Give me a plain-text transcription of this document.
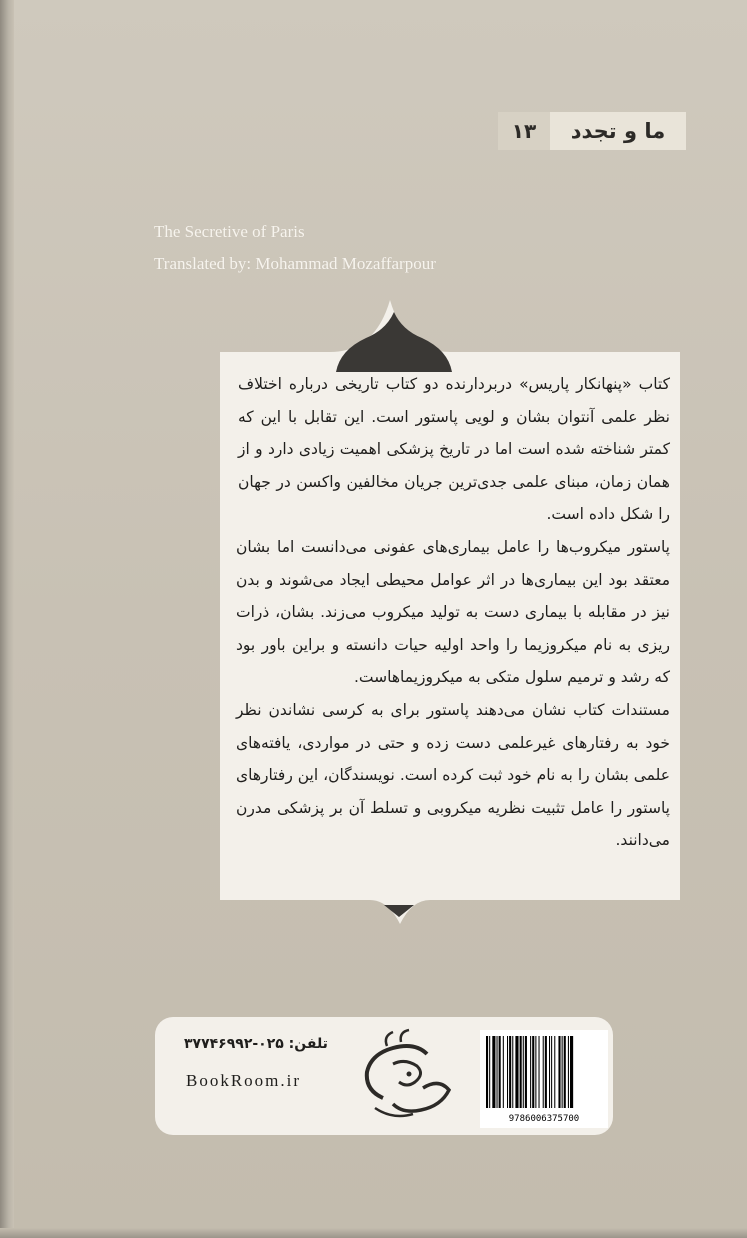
ما و تجدد
۱۳
The Secretive of Paris
Translated by: Mohammad Mozaffarpour

کتاب «پنهانکار پاریس» دربردارنده دو کتاب تاریخی درباره اختلاف نظر علمی آنتوان بشان و لویی پاستور است. این تقابل با این که کمتر شناخته شده است اما در تاریخ پزشکی اهمیت زیادی دارد و از همان زمان، مبنای علمی جدی‌ترین جریان مخالفین واکسن در جهان را شکل داده است.

پاستور میکروب‌ها را عامل بیماری‌های عفونی می‌دانست اما بشان معتقد بود این بیماری‌ها در اثر عوامل محیطی ایجاد می‌شوند و بدن نیز در مقابله با بیماری دست به تولید میکروب می‌زند. بشان، ذرات ریزی به نام میکروزیما را واحد اولیه حیات دانسته و براین باور بود که رشد و ترمیم سلول متکی به میکروزیماهاست.

مستندات کتاب نشان می‌دهند پاستور برای به کرسی نشاندن نظر خود به رفتارهای غیرعلمی دست زده و حتی در مواردی، یافته‌های علمی بشان را به نام خود ثبت کرده است. نویسندگان، این رفتارهای پاستور را عامل تثبیت نظریه میکروبی و تسلط آن بر پزشکی مدرن می‌دانند.

تلفن: ۰۲۵-۳۷۷۴۶۹۹۲
BookRoom.ir
9786006375700
